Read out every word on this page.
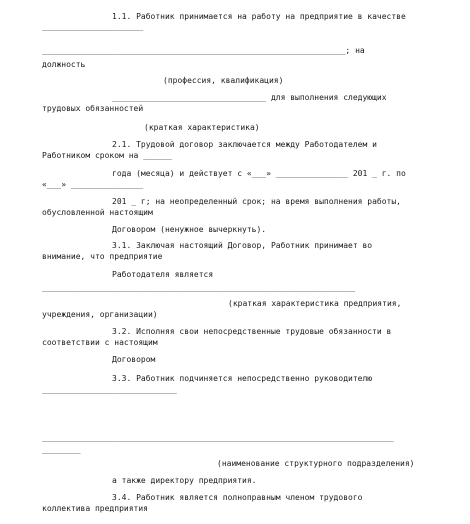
1.1. Работник принимается на работу на предприятие в качестве
_____________________
_______________________________________________________________; на
должность
(профессия, квалификация)
________________________________ для выполнения следующих
трудовых обязанностей
(краткая характеристика)
2.1. Трудовой договор заключается между Работодателем и
Работником сроком на ______
года (месяца) и действует с «___» _______________ 201 _ г. по
«___» _______________
201 _ г; на неопределенный срок; на время выполнения работы,
обусловленной настоящим
Договором (ненужное вычеркнуть).
3.1. Заключая настоящий Договор, Работник принимает во
внимание, что предприятие
Работодателя является
_________________________________________________________________
(краткая характеристика предприятия,
учреждения, организации)
3.2. Исполняя свои непосредственные трудовые обязанности в
соответствии с настоящим
Договором
3.3. Работник подчиняется непосредственно руководителю
____________________________
_________________________________________________________________________
________
(наименование структурного подразделения)
а также директору предприятия.
3.4. Работник является полноправным членом трудового
коллектива предприятия
